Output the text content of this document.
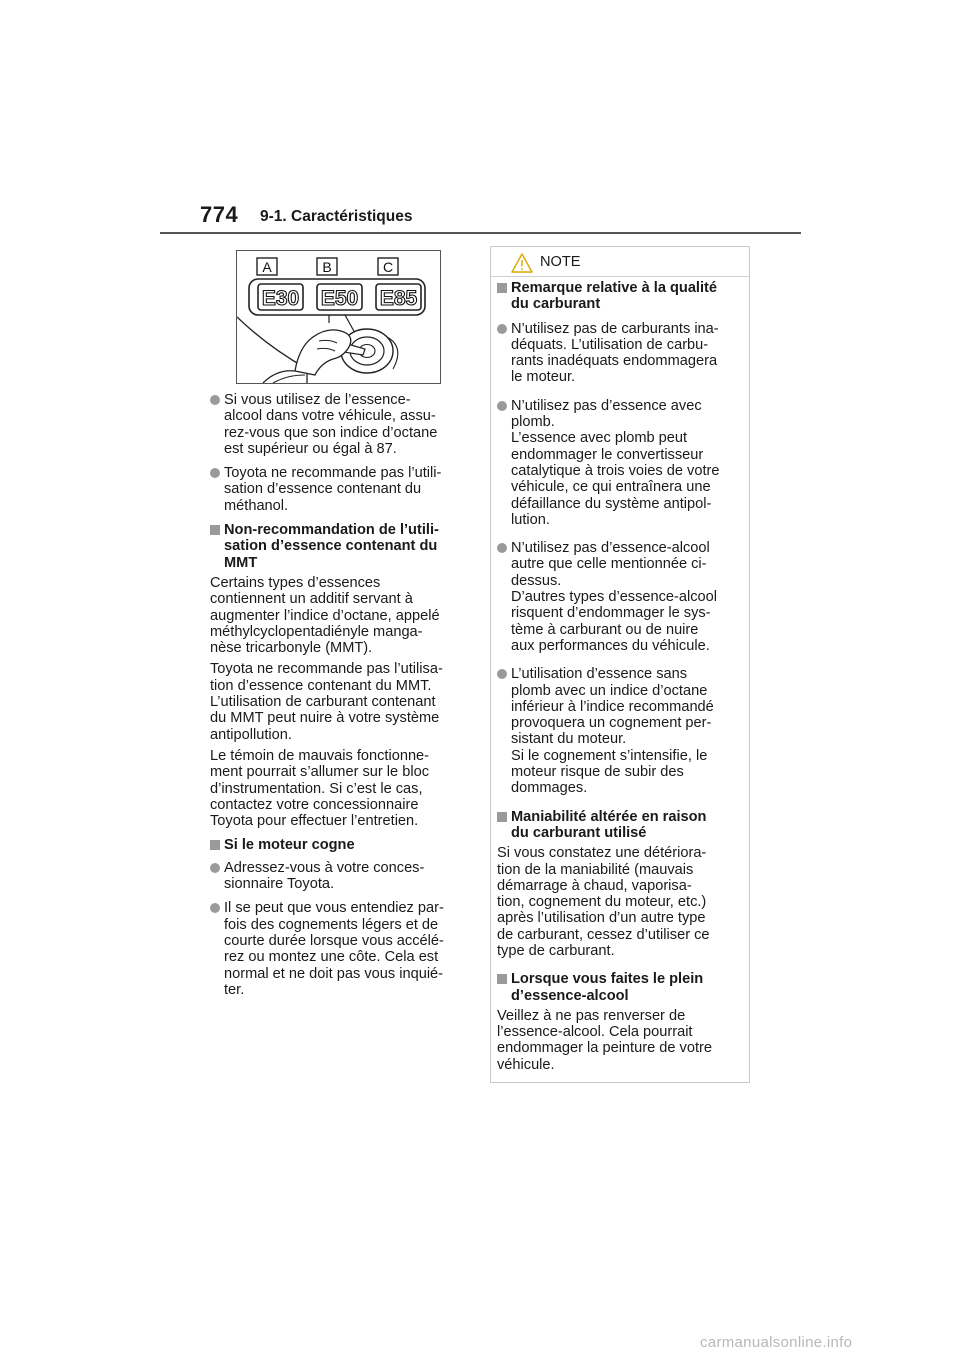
774 9-1. Caractéristiques
A	B	C
E30 E50 E85
Si vous utilisez de l’essence-
alcool dans votre véhicule, assu-
rez-vous que son indice d’octane
est supérieur ou égal à 87.
Toyota ne recommande pas l’utili-
sation d’essence contenant du
méthanol.
Non-recommandation de l’utili-
sation d’essence contenant du
MMT
Certains types d’essences
contiennent un additif servant à
augmenter l’indice d’octane, appelé
méthylcyclopentadiényle manga-
nèse tricarbonyle (MMT).
Toyota ne recommande pas l’utilisa-
tion d’essence contenant du MMT.
L’utilisation de carburant contenant
du MMT peut nuire à votre système
antipollution.
Le témoin de mauvais fonctionne-
ment pourrait s’allumer sur le bloc
d’instrumentation. Si c’est le cas,
contactez votre concessionnaire
Toyota pour effectuer l’entretien.
Si le moteur cogne
Adressez-vous à votre conces-
sionnaire Toyota.
Il se peut que vous entendiez par-
fois des cognements légers et de
courte durée lorsque vous accélé-
rez ou montez une côte. Cela est
normal et ne doit pas vous inquié-
ter.
NOTE
Remarque relative à la qualité
du carburant
N’utilisez pas de carburants ina-
déquats. L’utilisation de carbu-
rants inadéquats endommagera
le moteur.
N’utilisez pas d’essence avec
plomb.
L’essence avec plomb peut
endommager le convertisseur
catalytique à trois voies de votre
véhicule, ce qui entraînera une
défaillance du système antipol-
lution.
N’utilisez pas d’essence-alcool
autre que celle mentionnée ci-
dessus.
D’autres types d’essence-alcool
risquent d’endommager le sys-
tème à carburant ou de nuire
aux performances du véhicule.
L’utilisation d’essence sans
plomb avec un indice d’octane
inférieur à l’indice recommandé
provoquera un cognement per-
sistant du moteur.
Si le cognement s’intensifie, le
moteur risque de subir des
dommages.
Maniabilité altérée en raison
du carburant utilisé
Si vous constatez une détériora-
tion de la maniabilité (mauvais
démarrage à chaud, vaporisa-
tion, cognement du moteur, etc.)
après l’utilisation d’un autre type
de carburant, cessez d’utiliser ce
type de carburant.
Lorsque vous faites le plein
d’essence-alcool
Veillez à ne pas renverser de
l’essence-alcool. Cela pourrait
endommager la peinture de votre
véhicule.
carmanualsonline.info
